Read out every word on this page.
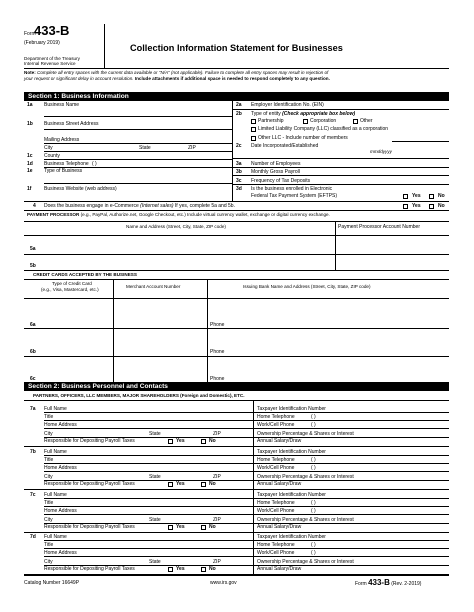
Form
433-B
(February 2019)
Department of the Treasury
Internal Revenue Service
Collection Information Statement for Businesses
Note: Complete all entry spaces with the current data available or "N/A" (not applicable). Failure to complete all entry spaces may result in rejection of
your request or significant delay in account resolution. Include attachments if additional space is needed to respond completely to any question.
Section 1: Business Information
1a Business Name
1b Business Street Address
Mailing Address
City	State	ZIP
1c County
1d Business Telephone ( )
1e Type of Business
1f	Business Website (web address)
2a Employer Identification No. (EIN)
2b Type of entity (Check appropriate box below)
Partnership	Corporation	Other
Limited Liability Company (LLC) classified as a corporation
Other LLC - Include number of members
2c Date Incorporated/Established
mmddyyyy
3a Number of Employees
3b Monthly Gross Payroll
3c Frequency of Tax Deposits
3d Is the business enrolled in Electronic
Federal Tax Payment System (EFTPS)	Yes	No
4 Does the business engage in e-Commerce (Internet sales) If yes, complete 5a and 5b.	Yes	No
PAYMENT PROCESSOR (e.g., PayPal, Authorize.net, Google Checkout, etc.) Include virtual currency wallet, exchange or digital currency exchange.
Name and Address (Street, City, State, ZIP code)	Payment Processor Account Number
5a
5b
CREDIT CARDS ACCEPTED BY THE BUSINESS
Type of Credit Card
(e.g., Visa, Mastercard, etc.)
Merchant Account Number	Issuing Bank Name and Address (Street, City, State, ZIP code)
6a	Phone
6b	Phone
6c	Phone
Section 2: Business Personnel and Contacts
PARTNERS, OFFICERS, LLC MEMBERS, MAJOR SHAREHOLDERS (Foreign and Domestic), ETC.
7a Full Name
Title
Home Address
City	State	ZIP
Responsible for Depositing Payroll Taxes	Yes	No
Taxpayer Identification Number
Home Telephone	( )
Work/Cell Phone	( )
Ownership Percentage & Shares or Interest
Annual Salary/Draw
7b Full Name
Title
Home Address
City	State	ZIP
Responsible for Depositing Payroll Taxes	Yes	No
Taxpayer Identification Number
Home Telephone	( )
Work/Cell Phone	( )
Ownership Percentage & Shares or Interest
Annual Salary/Draw
7c Full Name
Title
Home Address
City	State	ZIP
Responsible for Depositing Payroll Taxes	Yes	No
Taxpayer Identification Number
Home Telephone	( )
Work/Cell Phone	( )
Ownership Percentage & Shares or Interest
Annual Salary/Draw
7d Full Name
Title
Home Address
City	State	ZIP
Responsible for Depositing Payroll Taxes	Yes	No
Taxpayer Identification Number
Home Telephone	( )
Work/Cell Phone	( )
Ownership Percentage & Shares or Interest
Annual Salary/Draw
Catalog Number 16649P	www.irs.gov	Form 433-B (Rev. 2-2019)
